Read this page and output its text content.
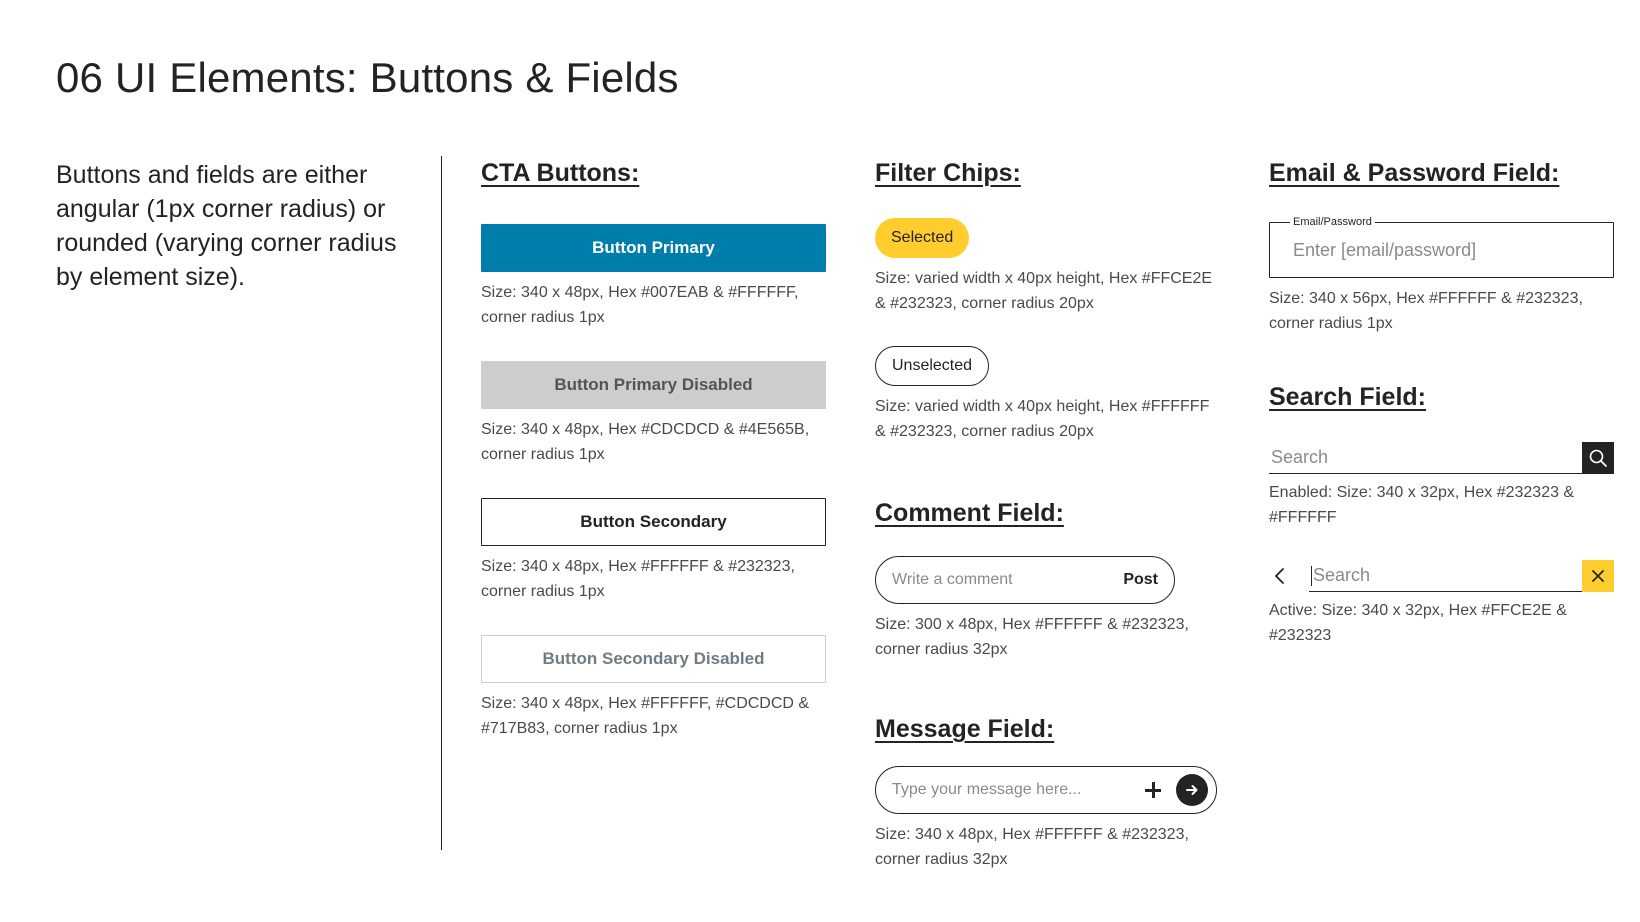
06 UI Elements: Buttons & Fields
Buttons and fields are either angular (1px corner radius) or rounded (varying corner radius by element size).
CTA Buttons:
Button Primary

Size: 340 x 48px, Hex #007EAB & #FFFFFF, corner radius 1px

Button Primary Disabled

Size: 340 x 48px, Hex #CDCDCD & #4E565B, corner radius 1px

Button Secondary

Size: 340 x 48px, Hex #FFFFFF & #232323, corner radius 1px

Button Secondary Disabled

Size: 340 x 48px, Hex #FFFFFF, #CDCDCD & #717B83, corner radius 1px

Filter Chips:
Selected

Size: varied width x 40px height, Hex #FFCE2E & #232323, corner radius 20px

Unselected

Size: varied width x 40px height, Hex #FFFFFF & #232323, corner radius 20px

Comment Field:
Write a comment	Post

Size: 300 x 48px, Hex #FFFFFF & #232323, corner radius 32px

Message Field:
Type your message here...

Size: 340 x 48px, Hex #FFFFFF & #232323, corner radius 32px

Email & Password Field:
Email/Password
Enter [email/password]

Size: 340 x 56px, Hex #FFFFFF & #232323, corner radius 1px

Search Field:
Search

Enabled: Size: 340 x 32px, Hex #232323 & #FFFFFF

Search

Active: Size: 340 x 32px, Hex #FFCE2E & #232323
